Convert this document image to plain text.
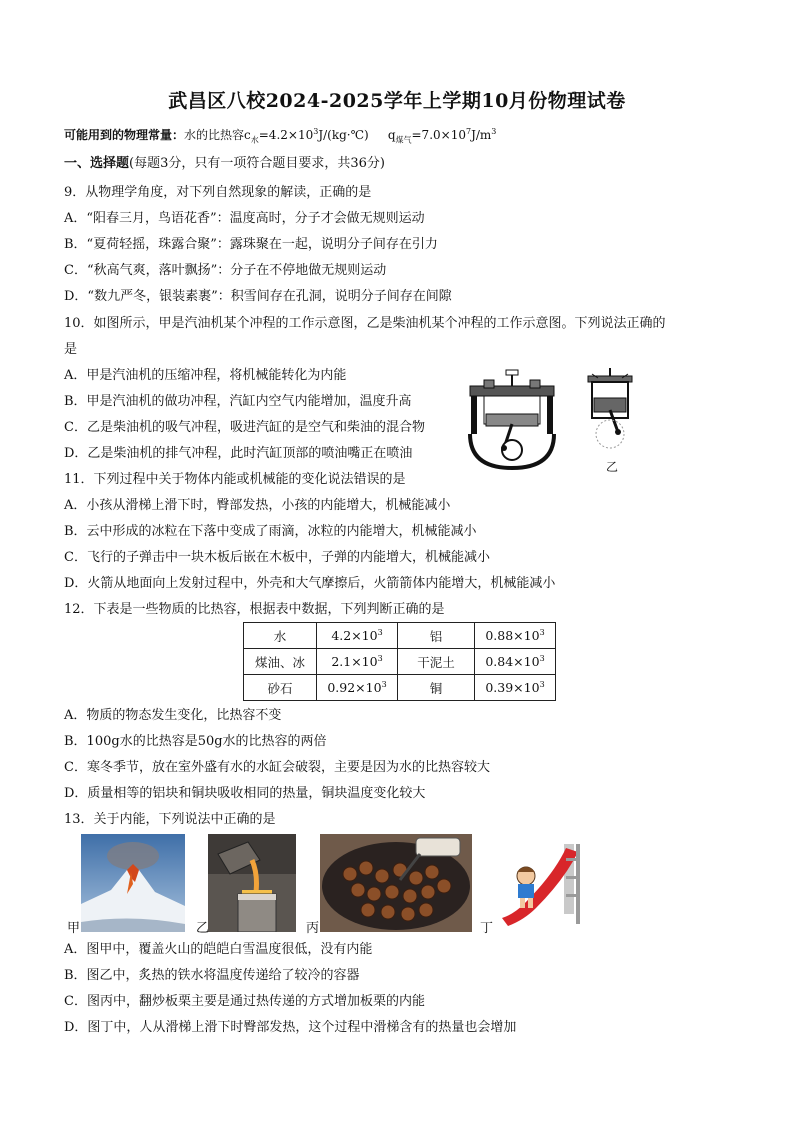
武昌区八校2024-2025学年上学期10月份物理试卷
可能用到的物理常量：水的比热容$c_水=4.2\times 10^3J/(kg\cdot℃)$ $q_{煤气}=7.0\times 10^7J/m^3$
一、选择题(每题3分，只有一项符合题目要求，共36分)
9．从物理学角度，对下列自然现象的解读，正确的是
A．“阳春三月，鸟语花香”：温度高时，分子才会做无规则运动
B．“夏荷轻摇，珠露合聚”：露珠聚在一起，说明分子间存在引力
C．“秋高气爽，落叶飘扬”：分子在不停地做无规则运动
D．“数九严冬，银装素裹”：积雪间存在孔洞，说明分子间存在间隙
10．如图所示，甲是汽油机某个冲程的工作示意图，乙是柴油机某个冲程的工作示意图。下列说法正确的
是
A．甲是汽油机的压缩冲程，将机械能转化为内能
B．甲是汽油机的做功冲程，汽缸内空气内能增加，温度升高
C．乙是柴油机的吸气冲程，吸进汽缸的是空气和柴油的混合物
D．乙是柴油机的排气冲程，此时汽缸顶部的喷油嘴正在喷油
乙
11．下列过程中关于物体内能或机械能的变化说法错误的是
A．小孩从滑梯上滑下时，臀部发热，小孩的内能增大，机械能减小
B．云中形成的冰粒在下落中变成了雨滴，冰粒的内能增大，机械能减小
C．飞行的子弹击中一块木板后嵌在木板中，子弹的内能增大，机械能减小
D．火箭从地面向上发射过程中，外壳和大气摩擦后，火箭箭体内能增大，机械能减小
12．下表是一些物质的比热容，根据表中数据，下列判断正确的是
水	$4.2\times 10^3$	铝	$0.88\times 10^3$
煤油、冰	$2.1\times 10^3$	干泥土	$0.84\times 10^3$
砂石	$0.92\times 10^3$	铜	$0.39\times 10^3$
A．物质的物态发生变化，比热容不变
B．100g水的比热容是50g水的比热容的两倍
C．寒冬季节，放在室外盛有水的水缸会破裂，主要是因为水的比热容较大
D．质量相等的铝块和铜块吸收相同的热量，铜块温度变化较大
13．关于内能，下列说法中正确的是
甲	乙	丙	丁
A．图甲中，覆盖火山的皑皑白雪温度很低，没有内能
B．图乙中，炙热的铁水将温度传递给了较冷的容器
C．图丙中，翻炒板栗主要是通过热传递的方式增加板栗的内能
D．图丁中，人从滑梯上滑下时臀部发热，这个过程中滑梯含有的热量也会增加
